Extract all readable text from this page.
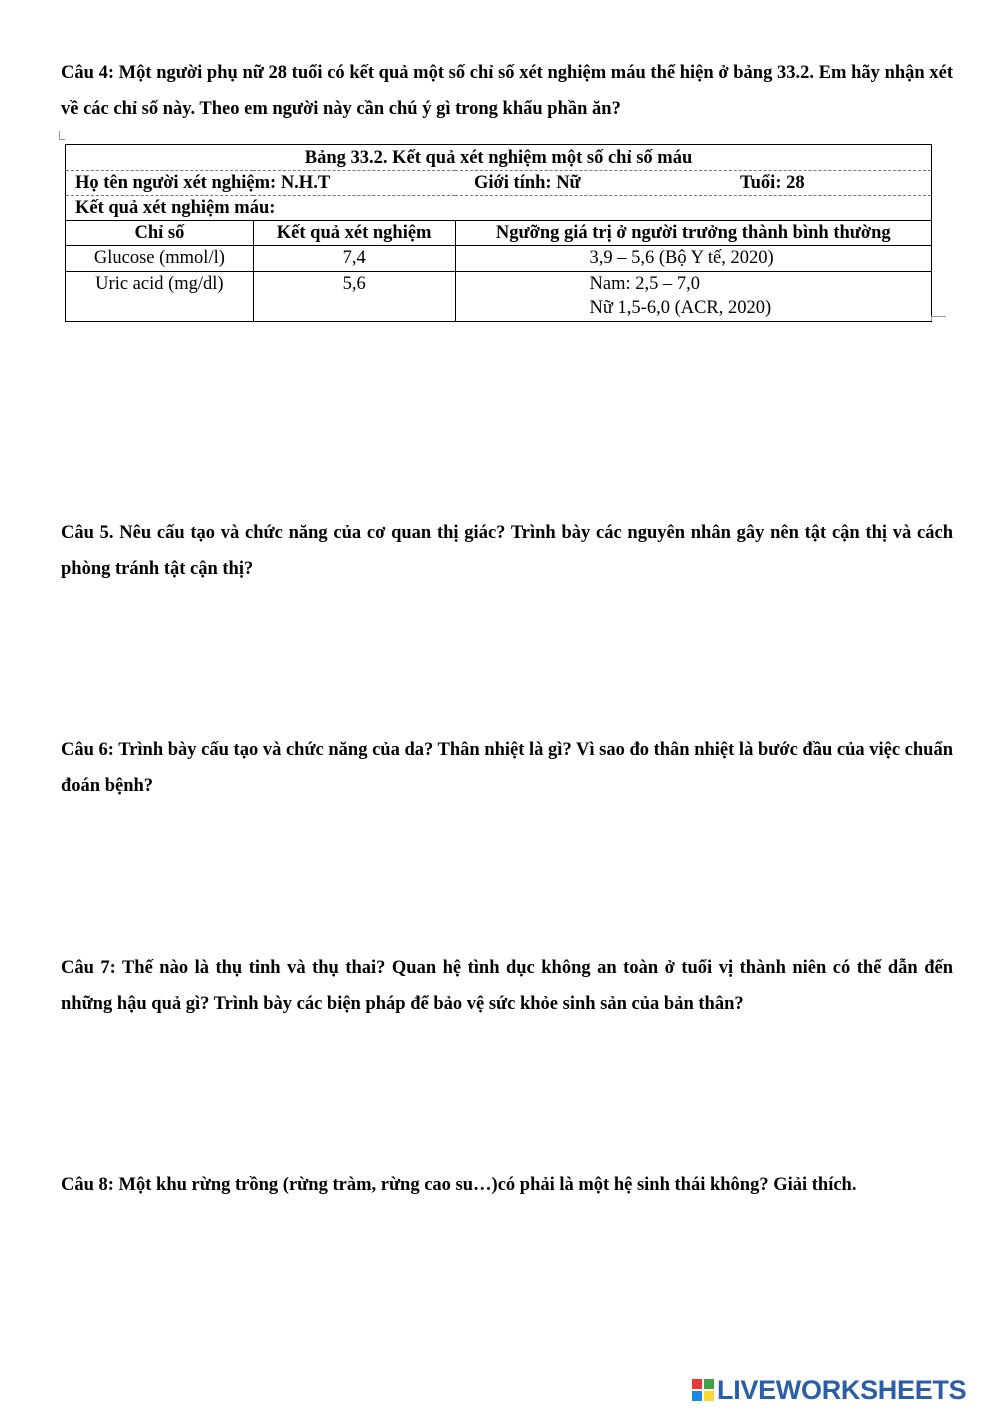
Câu 4: Một người phụ nữ 28 tuổi có kết quả một số chỉ số xét nghiệm máu thể hiện ở bảng 33.2. Em hãy nhận xét về các chỉ số này. Theo em người này cần chú ý gì trong khẩu phần ăn?

Bảng 33.2. Kết quả xét nghiệm một số chỉ số máu		

Họ tên người xét nghiệm: N.H.T Giới tính: Nữ Tuổi: 28		

Kết quả xét nghiệm máu:		
Chỉ số	Kết quả xét nghiệm	Ngưỡng giá trị ở người trưởng thành bình thường
Glucose (mmol/l)	7,4	3,9 – 5,6 (Bộ Y tế, 2020)
Uric acid (mg/dl)	5,6	Nam: 2,5 – 7,0
Nữ 1,5-6,0 (ACR, 2020)

Câu 5. Nêu cấu tạo và chức năng của cơ quan thị giác? Trình bày các nguyên nhân gây nên tật cận thị và cách phòng tránh tật cận thị?

Câu 6: Trình bày cấu tạo và chức năng của da? Thân nhiệt là gì? Vì sao đo thân nhiệt là bước đầu của việc chuẩn đoán bệnh?

Câu 7: Thế nào là thụ tinh và thụ thai? Quan hệ tình dục không an toàn ở tuổi vị thành niên có thể dẫn đến những hậu quả gì? Trình bày các biện pháp để bảo vệ sức khỏe sinh sản của bản thân?

Câu 8: Một khu rừng trồng (rừng tràm, rừng cao su…)có phải là một hệ sinh thái không? Giải thích.

LIVEWORKSHEETS
